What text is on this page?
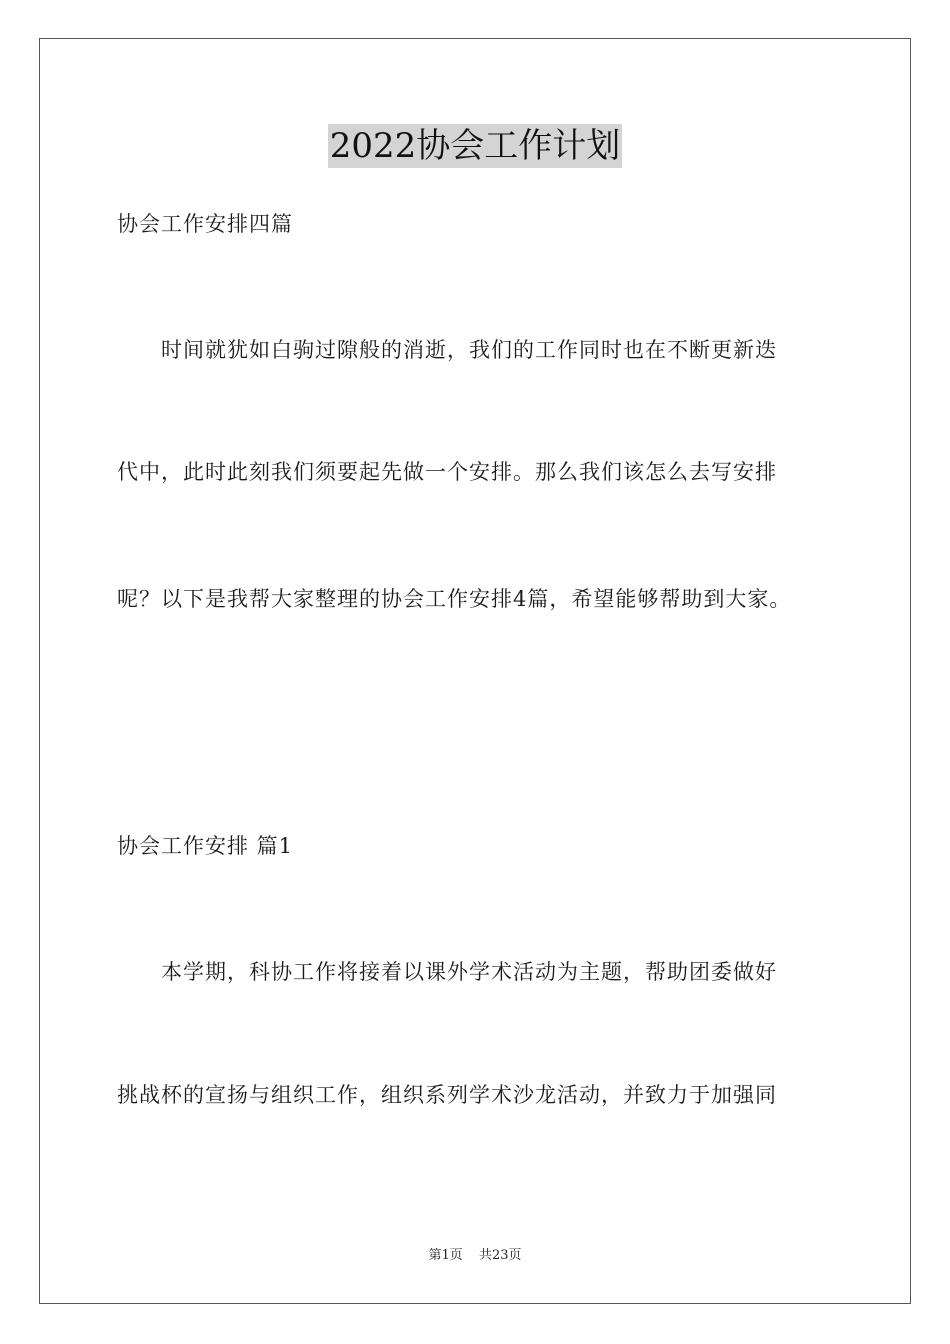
2022协会工作计划
协会工作安排四篇
　　时间就犹如白驹过隙般的消逝，我们的工作同时也在不断更新迭
代中，此时此刻我们须要起先做一个安排。那么我们该怎么去写安排
呢？以下是我帮大家整理的协会工作安排4篇，希望能够帮助到大家。
协会工作安排 篇1
　　本学期，科协工作将接着以课外学术活动为主题，帮助团委做好
挑战杯的宣扬与组织工作，组织系列学术沙龙活动，并致力于加强同
第1页 共23页
